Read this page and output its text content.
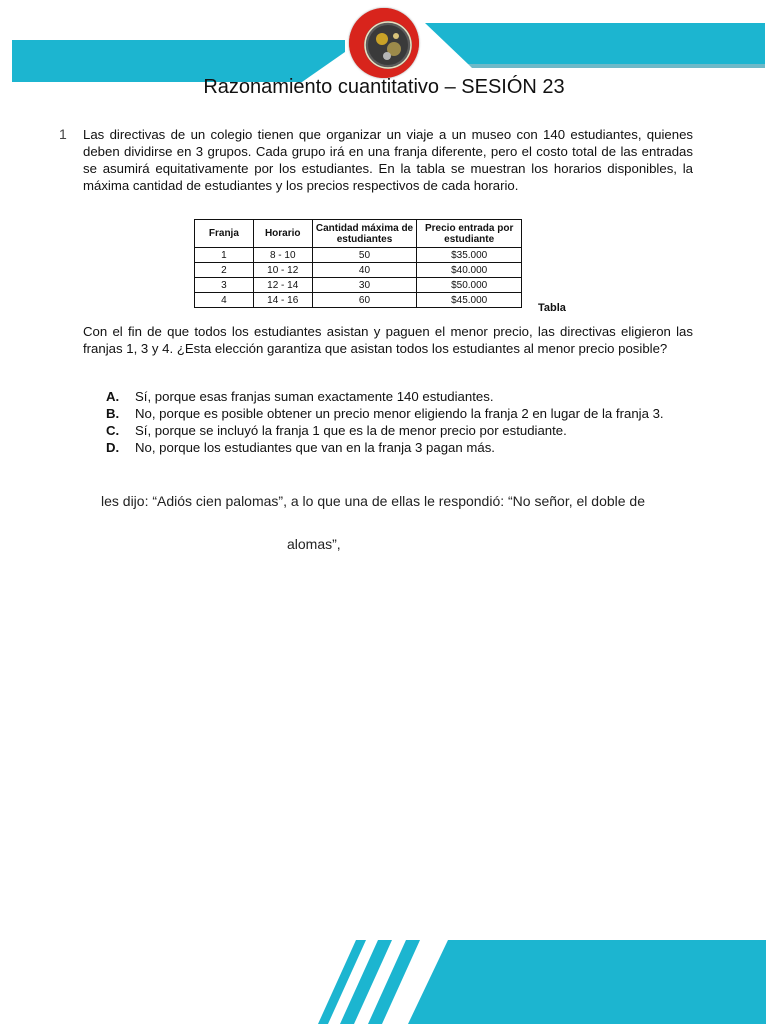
Razonamiento cuantitativo – SESIÓN 23
1 Las directivas de un colegio tienen que organizar un viaje a un museo con 140 estudiantes, quienes deben dividirse en 3 grupos. Cada grupo irá en una franja diferente, pero el costo total de las entradas se asumirá equitativamente por los estudiantes. En la tabla se muestran los horarios disponibles, la máxima cantidad de estudiantes y los precios respectivos de cada horario.
Franja	Horario	Cantidad máxima de estudiantes	Precio entrada por estudiante
1	8 - 10	50	$35.000
2	10 - 12	40	$40.000
3	12 - 14	30	$50.000
4	14 - 16	60	$45.000
Tabla
Con el fin de que todos los estudiantes asistan y paguen el menor precio, las directivas eligieron las franjas 1, 3 y 4. ¿Esta elección garantiza que asistan todos los estudiantes al menor precio posible?
A. Sí, porque esas franjas suman exactamente 140 estudiantes.
B. No, porque es posible obtener un precio menor eligiendo la franja 2 en lugar de la franja 3.
C. Sí, porque se incluyó la franja 1 que es la de menor precio por estudiante.
D. No, porque los estudiantes que van en la franja 3 pagan más.
les dijo: “Adiós cien palomas”, a lo que una de ellas le respondió: “No señor, el doble de
alomas”,
